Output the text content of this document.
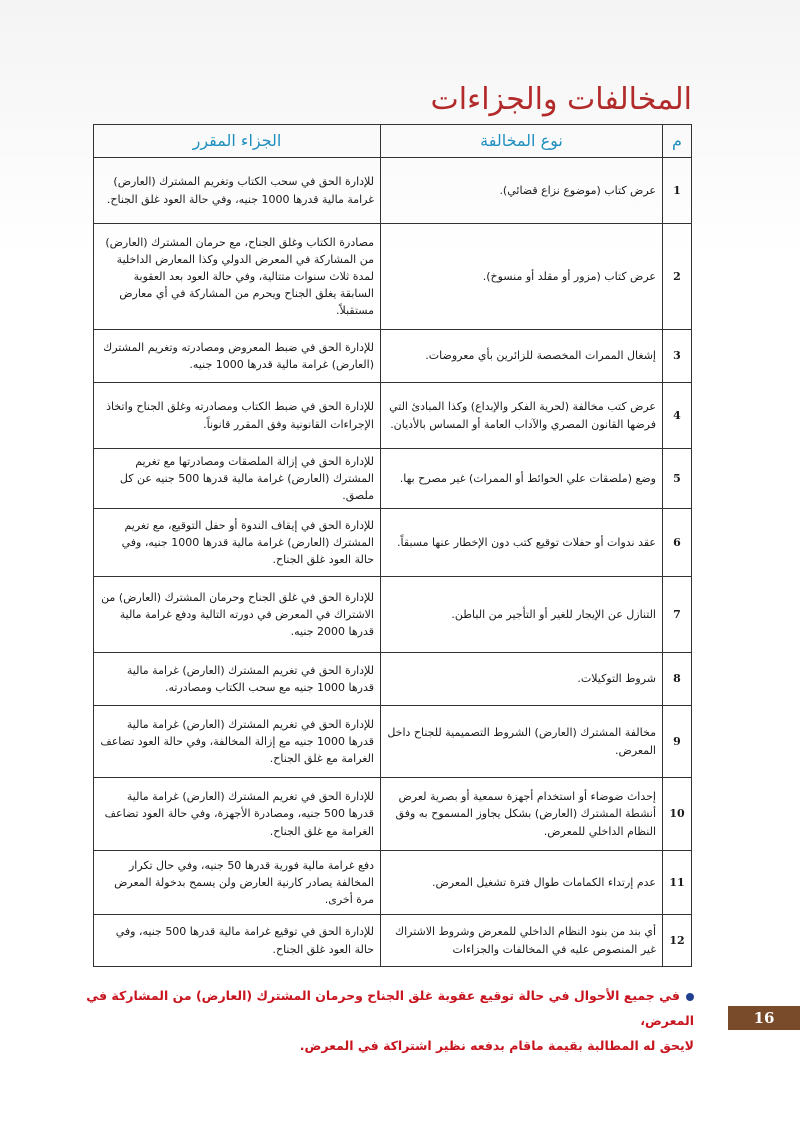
المخالفات والجزاءات
م	نوع المخالفة	الجزاء المقرر
1	عرض كتاب (موضوع نزاع قضائي).	للإدارة الحق في سحب الكتاب وتغريم المشترك (العارض) غرامة مالية قدرها 1000 جنيه، وفي حالة العود غلق الجناح.
2	عرض كتاب (مزور أو مقلد أو منسوخ).	مصادرة الكتاب وغلق الجناح، مع حرمان المشترك (العارض) من المشاركة في المعرض الدولي وكذا المعارض الداخلية لمدة ثلاث سنوات متتالية، وفي حالة العود بعد العقوبة السابقة يغلق الجناح ويحرم من المشاركة في أي معارض مستقبلاً.
3	إشغال الممرات المخصصة للزائرين بأي معروضات.	للإدارة الحق في ضبط المعروض ومصادرته وتغريم المشترك (العارض) غرامة مالية قدرها 1000 جنيه.
4	عرض كتب مخالفة (لحرية الفكر والإبداع) وكذا المبادئ التي فرضها القانون المصري والآداب العامة أو المساس بالأديان.	للإدارة الحق في ضبط الكتاب ومصادرته وغلق الجناح واتخاذ الإجراءات القانونية وفق المقرر قانوناً.
5	وضع (ملصقات علي الحوائط أو الممرات) غير مصرح بها.	للإدارة الحق في إزالة الملصقات ومصادرتها مع تغريم المشترك (العارض) غرامة مالية قدرها 500 جنيه عن كل ملصق.
6	عقد ندوات أو حفلات توقيع كتب دون الإخطار عنها مسبقاً.	للإدارة الحق في إيقاف الندوة أو حفل التوقيع، مع تغريم المشترك (العارض) غرامة مالية قدرها 1000 جنيه، وفي حالة العود غلق الجناح.
7	التنازل عن الإيجار للغير أو التأجير من الباطن.	للإدارة الحق في غلق الجناح وحرمان المشترك (العارض) من الاشتراك في المعرض في دورته التالية ودفع غرامة مالية قدرها 2000 جنيه.
8	شروط التوكيلات.	للإدارة الحق في تغريم المشترك (العارض) غرامة مالية قدرها 1000 جنيه مع سحب الكتاب ومصادرته.
9	مخالفة المشترك (العارض) الشروط التصميمية للجناح داخل المعرض.	للإدارة الحق في تغريم المشترك (العارض) غرامة مالية قدرها 1000 جنيه مع إزالة المخالفة، وفي حالة العود تضاعف الغرامة مع غلق الجناح.
10	إحداث ضوضاء أو استخدام أجهزة سمعية أو بصرية لعرض أنشطة المشترك (العارض) بشكل يجاوز المسموح به وفق النظام الداخلي للمعرض.	للإدارة الحق في تغريم المشترك (العارض) غرامة مالية قدرها 500 جنيه، ومصادرة الأجهزة، وفي حالة العود تضاعف الغرامة مع غلق الجناح.
11	عدم إرتداء الكمامات طوال فترة تشغيل المعرض.	دفع غرامة مالية فورية قدرها 50 جنيه، وفي حال تكرار المخالفة يصادر كارنية العارض ولن يسمح بدخولة المعرض مرة أخرى.
12	أي بند من بنود النظام الداخلي للمعرض وشروط الاشتراك غير المنصوص عليه في المخالفات والجزاءات	للإدارة الحق في توقيع غرامة مالية قدرها 500 جنيه، وفي حالة العود غلق الجناح.
في جميع الأحوال في حالة توقيع عقوبة غلق الجناح وحرمان المشترك (العارض) من المشاركة في المعرض،
لايحق له المطالبة بقيمة ماقام بدفعه نظير اشتراكة في المعرض.
16
